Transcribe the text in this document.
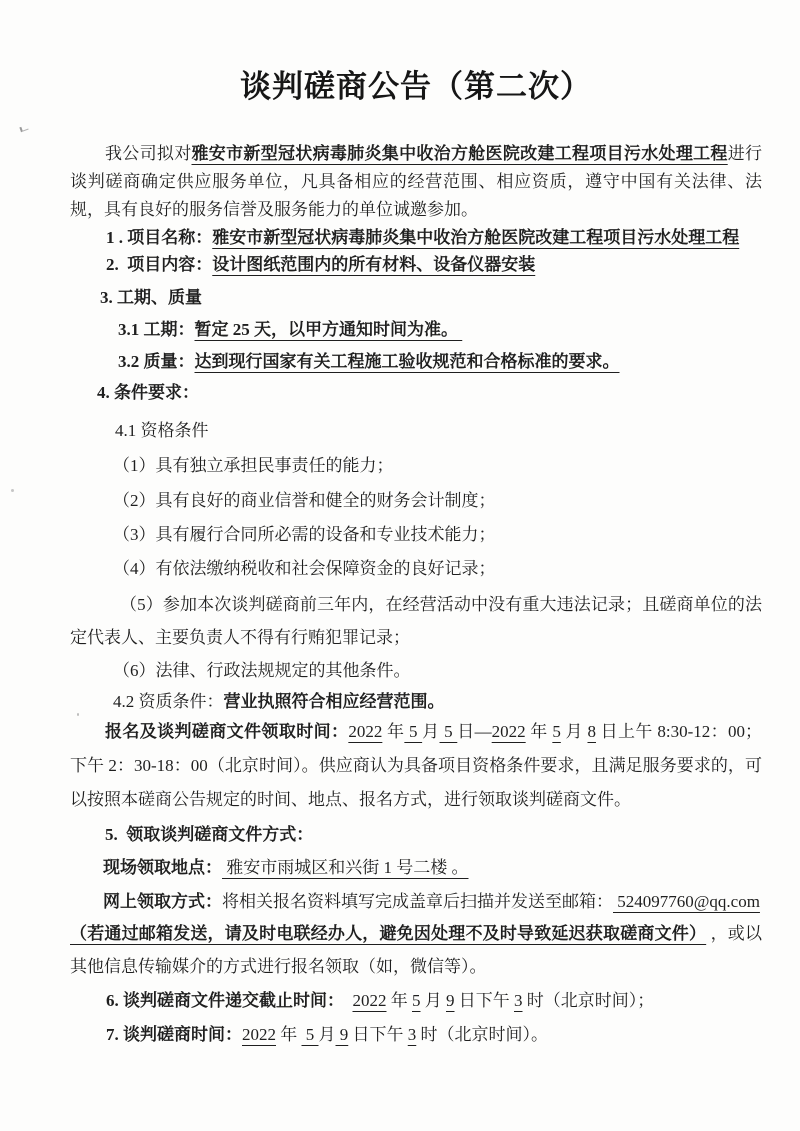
谈判磋商公告（第二次）

我公司拟对雅安市新型冠状病毒肺炎集中收治方舱医院改建工程项目污水处理工程进行谈判磋商确定供应服务单位，凡具备相应的经营范围、相应资质，遵守中国有关法律、法规，具有良好的服务信誉及服务能力的单位诚邀参加。

1 . 项目名称：雅安市新型冠状病毒肺炎集中收治方舱医院改建工程项目污水处理工程

2.  项目内容：设计图纸范围内的所有材料、设备仪器安装

3. 工期、质量

3.1 工期：暂定 25 天，以甲方通知时间为准。

3.2 质量：达到现行国家有关工程施工验收规范和合格标准的要求。

4. 条件要求：

4.1 资格条件

（1）具有独立承担民事责任的能力；

（2）具有良好的商业信誉和健全的财务会计制度；

（3）具有履行合同所必需的设备和专业技术能力；

（4）有依法缴纳税收和社会保障资金的良好记录；

（5）参加本次谈判磋商前三年内，在经营活动中没有重大违法记录；且磋商单位的法定代表人、主要负责人不得有行贿犯罪记录；

（6）法律、行政法规规定的其他条件。

4.2 资质条件：营业执照符合相应经营范围。

报名及谈判磋商文件领取时间：2022 年 5 月 5 日—2022 年 5 月 8 日上午 8:30-12：00；下午 2：30-18：00（北京时间）。供应商认为具备项目资格条件要求，且满足服务要求的，可以按照本磋商公告规定的时间、地点、报名方式，进行领取谈判磋商文件。

5.  领取谈判磋商文件方式：

现场领取地点： 雅安市雨城区和兴街 1 号二楼 。

网上领取方式：将相关报名资料填写完成盖章后扫描并发送至邮箱： 524097760@qq.com

（若通过邮箱发送，请及时电联经办人，避免因处理不及时导致延迟获取磋商文件） ，或以其他信息传输媒介的方式进行报名领取（如，微信等）。

6. 谈判磋商文件递交截止时间： 2022 年 5 月 9 日下午 3 时（北京时间）；

7. 谈判磋商时间：2022 年  5 月 9 日下午 3 时（北京时间）。
